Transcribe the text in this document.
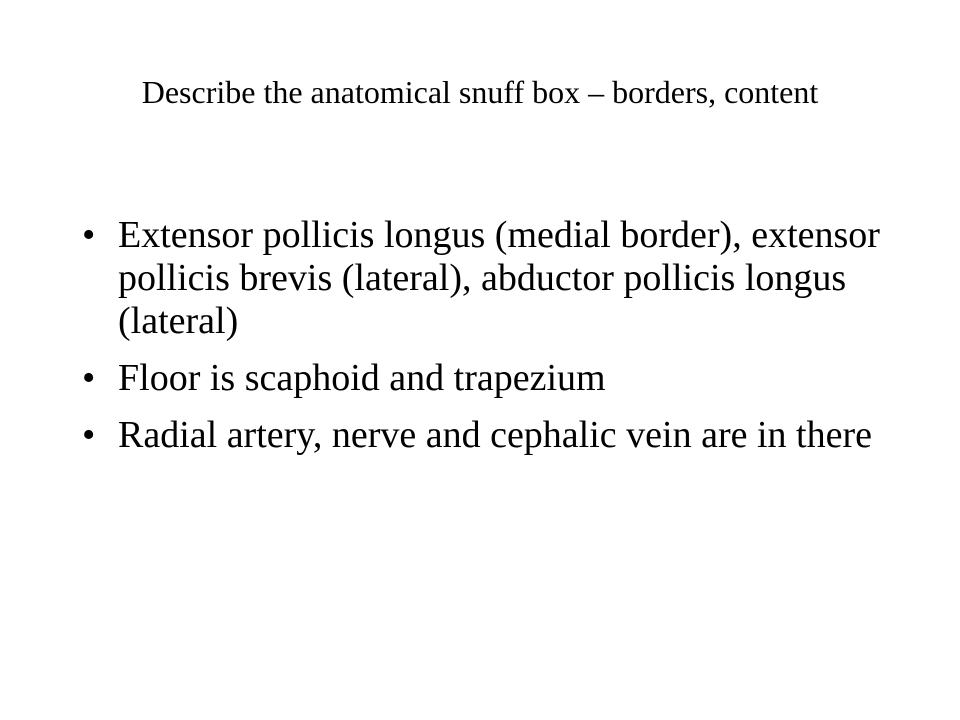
Describe the anatomical snuff box – borders, content
• Extensor pollicis longus (medial border), extensor pollicis brevis (lateral), abductor pollicis longus (lateral)
• Floor is scaphoid and trapezium
• Radial artery, nerve and cephalic vein are in there
